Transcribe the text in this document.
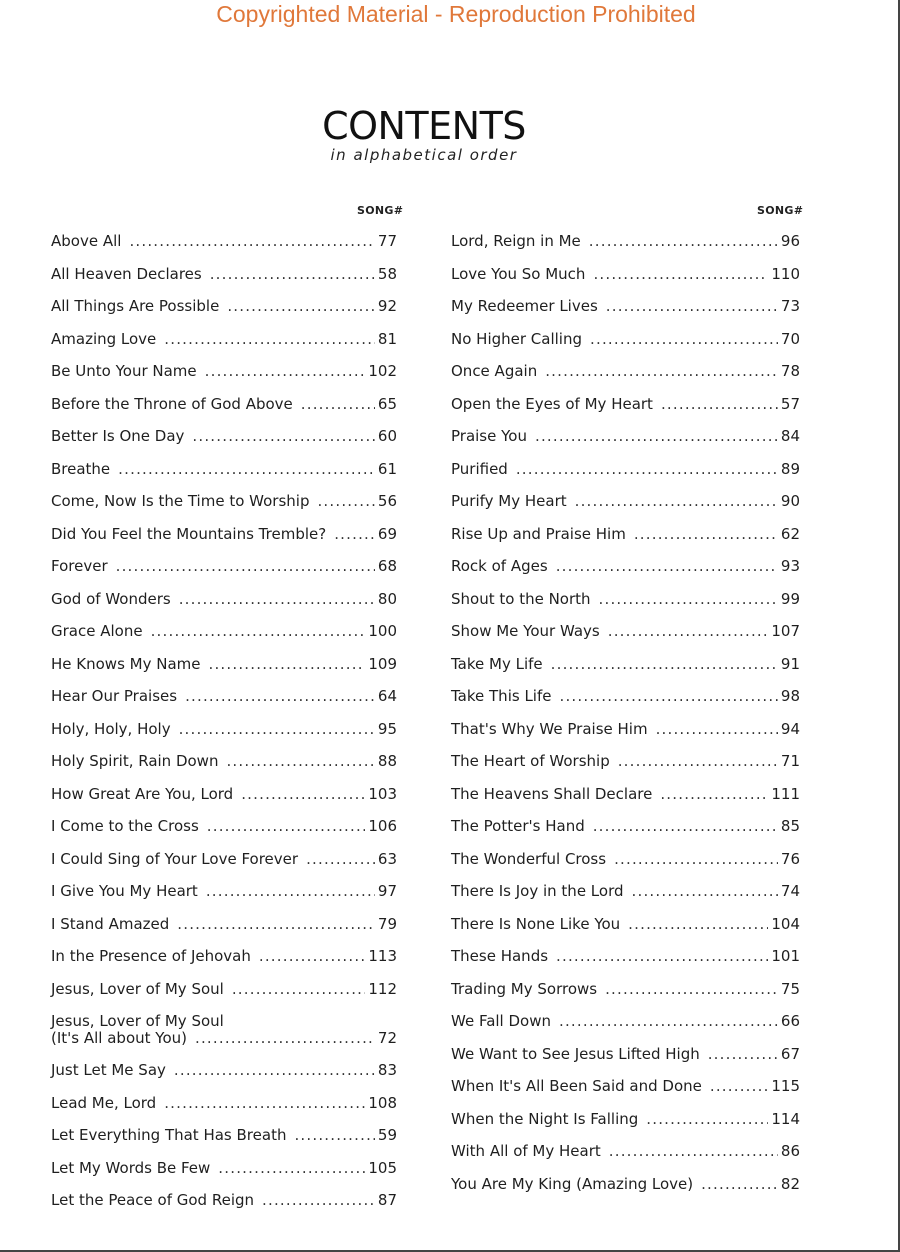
Copyrighted Material - Reproduction Prohibited
CONTENTS
in alphabetical order
SONG#	SONG#
Above All .....	77
All Heaven Declares .....	58
All Things Are Possible .....	92
Amazing Love .....	81
Be Unto Your Name .....	102
Before the Throne of God Above .....	65
Better Is One Day .....	60
Breathe .....	61
Come, Now Is the Time to Worship .....	56
Did You Feel the Mountains Tremble? .....	69
Forever .....	68
God of Wonders .....	80
Grace Alone .....	100
He Knows My Name .....	109
Hear Our Praises .....	64
Holy, Holy, Holy .....	95
Holy Spirit, Rain Down .....	88
How Great Are You, Lord .....	103
I Come to the Cross .....	106
I Could Sing of Your Love Forever .....	63
I Give You My Heart .....	97
I Stand Amazed .....	79
In the Presence of Jehovah .....	113
Jesus, Lover of My Soul .....	112
Jesus, Lover of My Soul
(It's All about You) .....	72
Just Let Me Say .....	83
Lead Me, Lord .....	108
Let Everything That Has Breath .....	59
Let My Words Be Few .....	105
Let the Peace of God Reign .....	87
Lord, Reign in Me .....	96
Love You So Much .....	110
My Redeemer Lives .....	73
No Higher Calling .....	70
Once Again .....	78
Open the Eyes of My Heart .....	57
Praise You .....	84
Purified .....	89
Purify My Heart .....	90
Rise Up and Praise Him .....	62
Rock of Ages .....	93
Shout to the North .....	99
Show Me Your Ways .....	107
Take My Life .....	91
Take This Life .....	98
That's Why We Praise Him .....	94
The Heart of Worship .....	71
The Heavens Shall Declare .....	111
The Potter's Hand .....	85
The Wonderful Cross .....	76
There Is Joy in the Lord .....	74
There Is None Like You .....	104
These Hands .....	101
Trading My Sorrows .....	75
We Fall Down .....	66
We Want to See Jesus Lifted High .....	67
When It's All Been Said and Done .....	115
When the Night Is Falling .....	114
With All of My Heart .....	86
You Are My King (Amazing Love) .....	82
